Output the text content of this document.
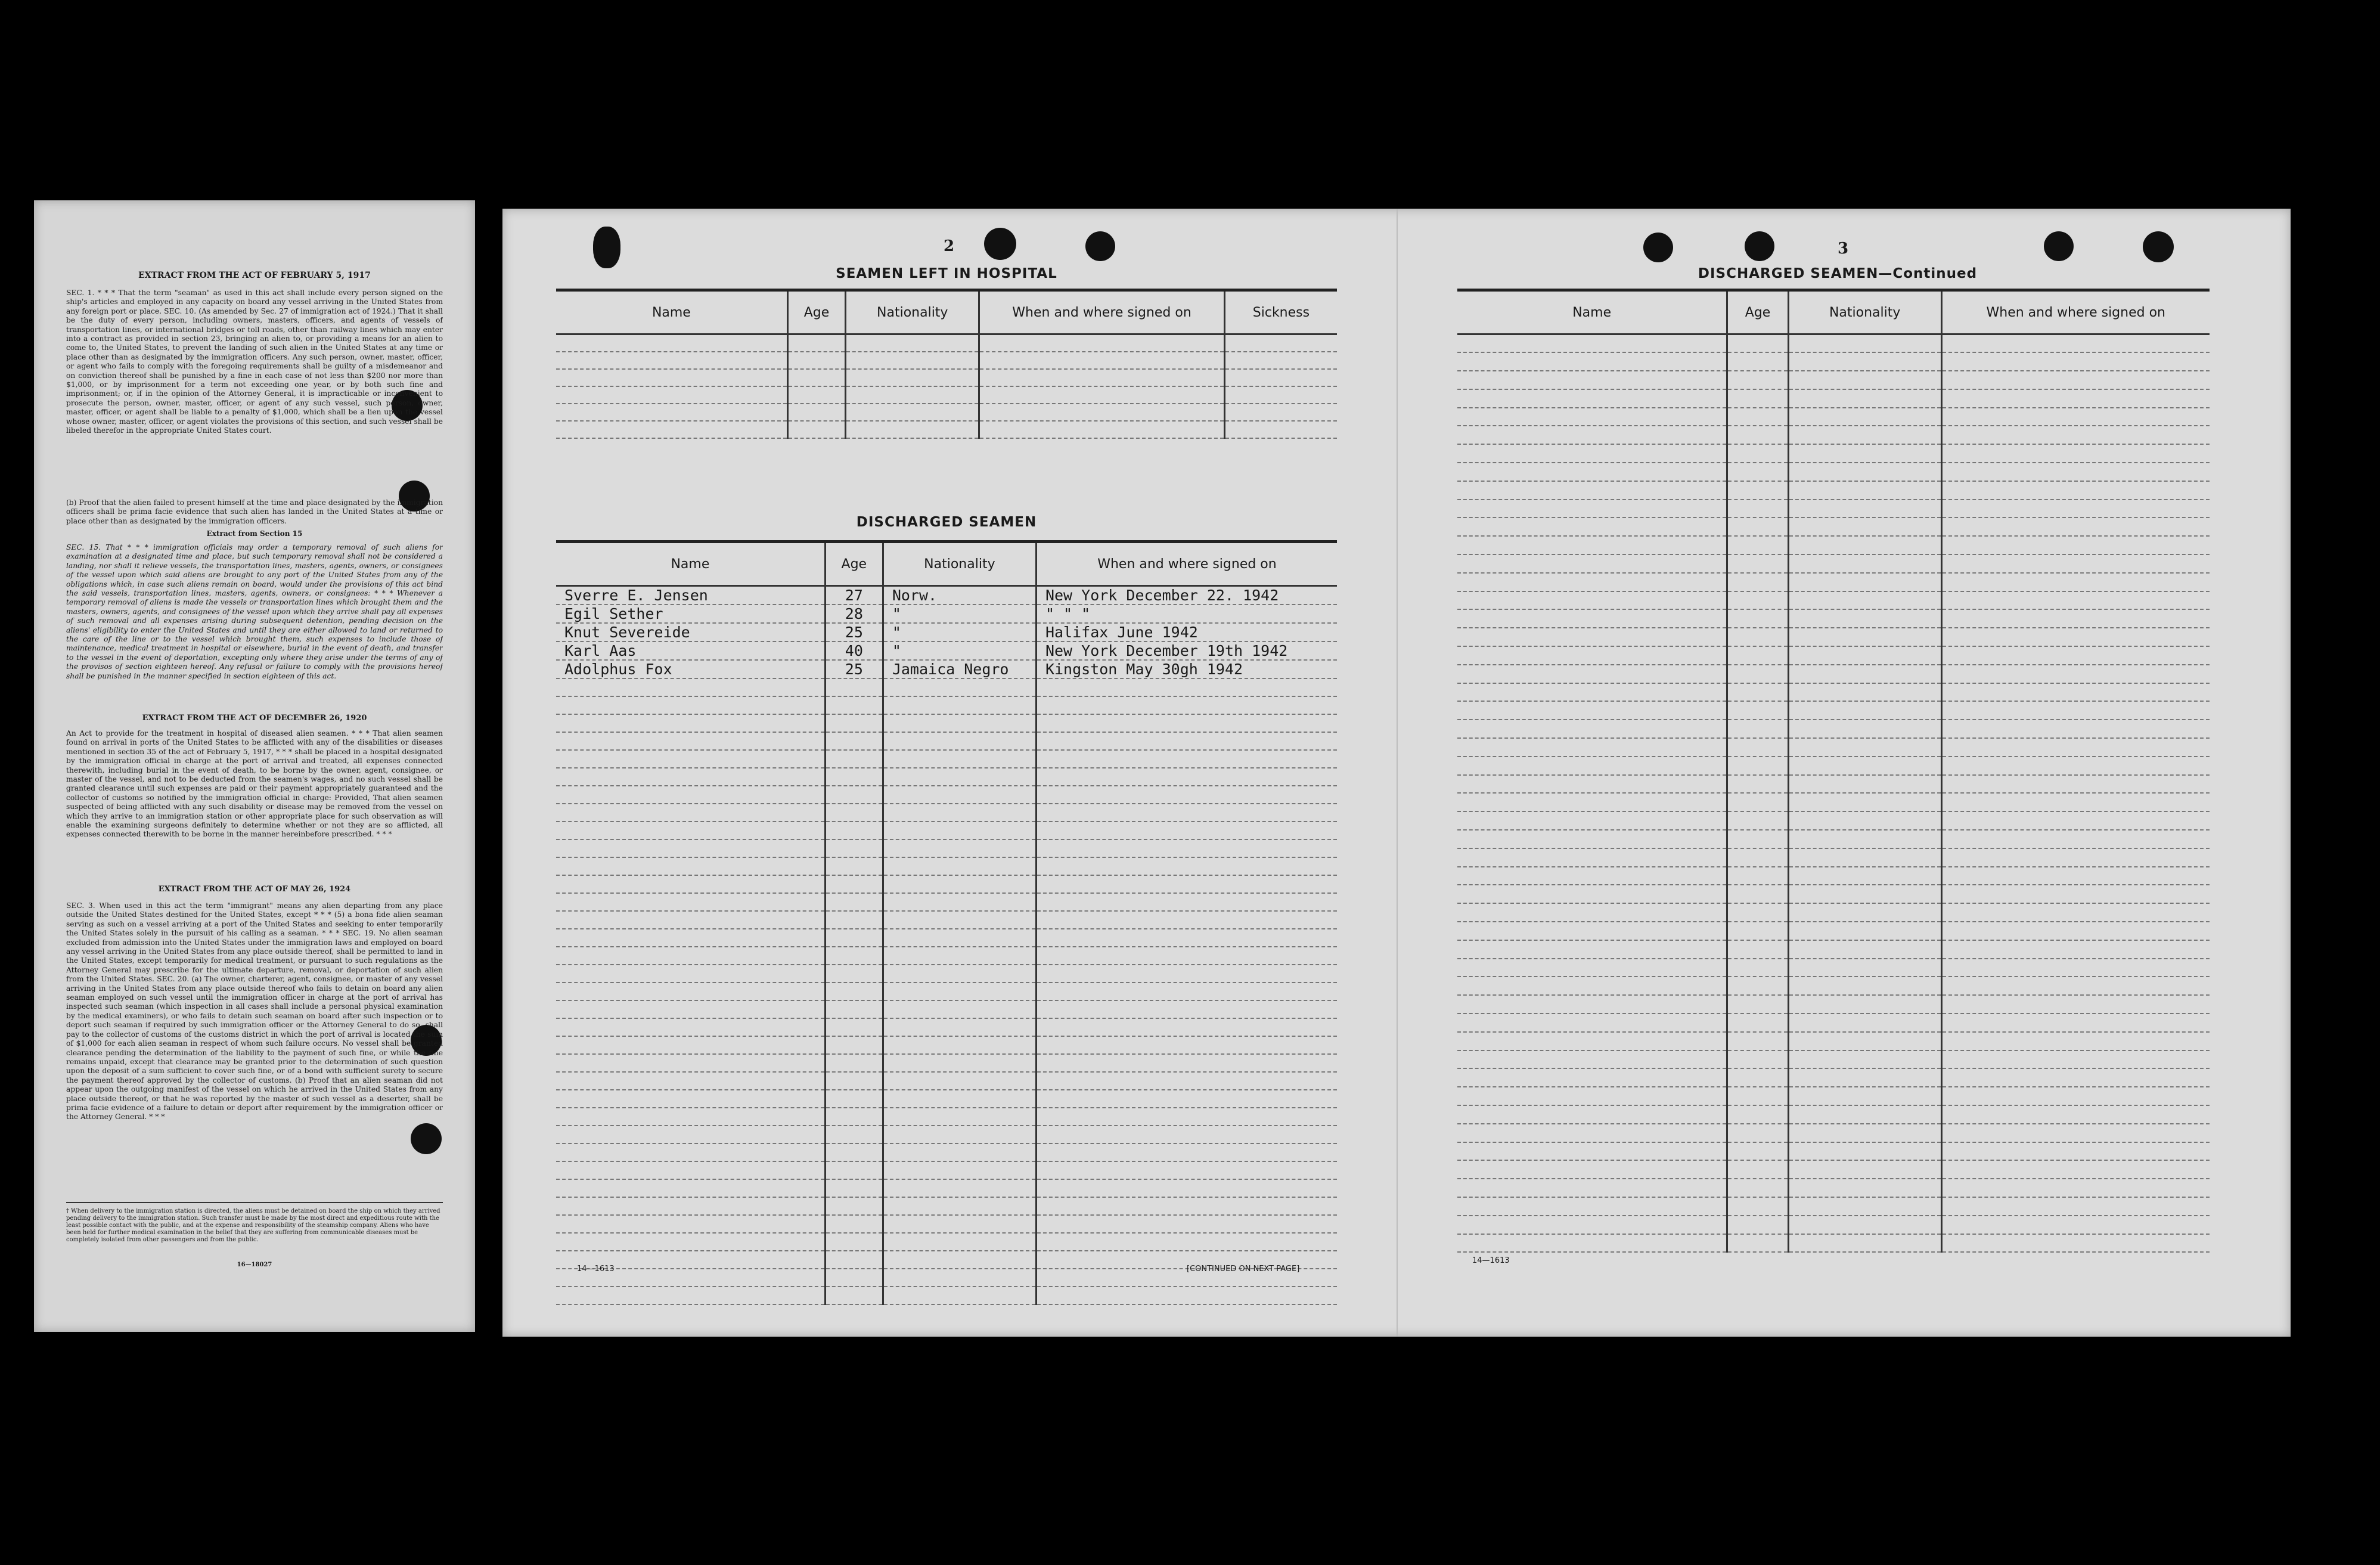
EXTRACT FROM THE ACT OF FEBRUARY 5, 1917
SEC. 1. * * * That the term "seaman" as used in this act shall include every person signed on the ship's articles and employed in any capacity on board any vessel arriving in the United States from any foreign port or place. SEC. 10. (As amended by Sec. 27 of immigration act of 1924.) That it shall be the duty of every person, including owners, masters, officers, and agents of vessels of transportation lines, or international bridges or toll roads, other than railway lines which may enter into a contract as provided in section 23, bringing an alien to, or providing a means for an alien to come to, the United States, to prevent the landing of such alien in the United States at any time or place other than as designated by the immigration officers. Any such person, owner, master, officer, or agent who fails to comply with the foregoing requirements shall be guilty of a misdemeanor and on conviction thereof shall be punished by a fine in each case of not less than $200 nor more than $1,000, or by imprisonment for a term not exceeding one year, or by both such fine and imprisonment; or, if in the opinion of the Attorney General, it is impracticable or inconvenient to prosecute the person, owner, master, officer, or agent of any such vessel, such person, owner, master, officer, or agent shall be liable to a penalty of $1,000, which shall be a lien upon the vessel whose owner, master, officer, or agent violates the provisions of this section, and such vessel shall be libeled therefor in the appropriate United States court.
(b) Proof that the alien failed to present himself at the time and place designated by the immigration officers shall be prima facie evidence that such alien has landed in the United States at a time or place other than as designated by the immigration officers.
Extract from Section 15
SEC. 15. That * * * immigration officials may order a temporary removal of such aliens for examination at a designated time and place, but such temporary removal shall not be considered a landing, nor shall it relieve vessels, the transportation lines, masters, agents, owners, or consignees of the vessel upon which said aliens are brought to any port of the United States from any of the obligations which, in case such aliens remain on board, would under the provisions of this act bind the said vessels, transportation lines, masters, agents, owners, or consignees: * * * Whenever a temporary removal of aliens is made the vessels or transportation lines which brought them and the masters, owners, agents, and consignees of the vessel upon which they arrive shall pay all expenses of such removal and all expenses arising during subsequent detention, pending decision on the aliens' eligibility to enter the United States and until they are either allowed to land or returned to the care of the line or to the vessel which brought them, such expenses to include those of maintenance, medical treatment in hospital or elsewhere, burial in the event of death, and transfer to the vessel in the event of deportation, excepting only where they arise under the terms of any of the provisos of section eighteen hereof. Any refusal or failure to comply with the provisions hereof shall be punished in the manner specified in section eighteen of this act.
EXTRACT FROM THE ACT OF DECEMBER 26, 1920
An Act to provide for the treatment in hospital of diseased alien seamen. * * * That alien seamen found on arrival in ports of the United States to be afflicted with any of the disabilities or diseases mentioned in section 35 of the act of February 5, 1917, * * * shall be placed in a hospital designated by the immigration official in charge at the port of arrival and treated, all expenses connected therewith, including burial in the event of death, to be borne by the owner, agent, consignee, or master of the vessel, and not to be deducted from the seamen's wages, and no such vessel shall be granted clearance until such expenses are paid or their payment appropriately guaranteed and the collector of customs so notified by the immigration official in charge: Provided, That alien seamen suspected of being afflicted with any such disability or disease may be removed from the vessel on which they arrive to an immigration station or other appropriate place for such observation as will enable the examining surgeons definitely to determine whether or not they are so afflicted, all expenses connected therewith to be borne in the manner hereinbefore prescribed. * * *
EXTRACT FROM THE ACT OF MAY 26, 1924
SEC. 3. When used in this act the term "immigrant" means any alien departing from any place outside the United States destined for the United States, except * * * (5) a bona fide alien seaman serving as such on a vessel arriving at a port of the United States and seeking to enter temporarily the United States solely in the pursuit of his calling as a seaman. * * * SEC. 19. No alien seaman excluded from admission into the United States under the immigration laws and employed on board any vessel arriving in the United States from any place outside thereof, shall be permitted to land in the United States, except temporarily for medical treatment, or pursuant to such regulations as the Attorney General may prescribe for the ultimate departure, removal, or deportation of such alien from the United States. SEC. 20. (a) The owner, charterer, agent, consignee, or master of any vessel arriving in the United States from any place outside thereof who fails to detain on board any alien seaman employed on such vessel until the immigration officer in charge at the port of arrival has inspected such seaman (which inspection in all cases shall include a personal physical examination by the medical examiners), or who fails to detain such seaman on board after such inspection or to deport such seaman if required by such immigration officer or the Attorney General to do so, shall pay to the collector of customs of the customs district in which the port of arrival is located the sum of $1,000 for each alien seaman in respect of whom such failure occurs. No vessel shall be granted clearance pending the determination of the liability to the payment of such fine, or while the fine remains unpaid, except that clearance may be granted prior to the determination of such question upon the deposit of a sum sufficient to cover such fine, or of a bond with sufficient surety to secure the payment thereof approved by the collector of customs. (b) Proof that an alien seaman did not appear upon the outgoing manifest of the vessel on which he arrived in the United States from any place outside thereof, or that he was reported by the master of such vessel as a deserter, shall be prima facie evidence of a failure to detain or deport after requirement by the immigration officer or the Attorney General. * * *
† When delivery to the immigration station is directed, the aliens must be detained on board the ship on which they arrived pending delivery to the immigration station. Such transfer must be made by the most direct and expeditious route with the least possible contact with the public, and at the expense and responsibility of the steamship company. Aliens who have been held for further medical examination in the belief that they are suffering from communicable diseases must be completely isolated from other passengers and from the public.
16—18027
2
SEAMEN LEFT IN HOSPITAL
Name	Age	Nationality	When and where signed on	Sickness

DISCHARGED SEAMEN
Name	Age	Nationality	When and where signed on
Sverre E. Jensen	27	Norw.	New York December 22. 1942
Egil Sether	28	"	" " "
Knut Severeide	25	"	Halifax June 1942
Karl Aas	40	"	New York December 19th 1942
Adolphus Fox	25	Jamaica Negro	Kingston May 30gh 1942

14—1613	[CONTINUED ON NEXT PAGE]
3
DISCHARGED SEAMEN—Continued
Name	Age	Nationality	When and where signed on

14—1613
